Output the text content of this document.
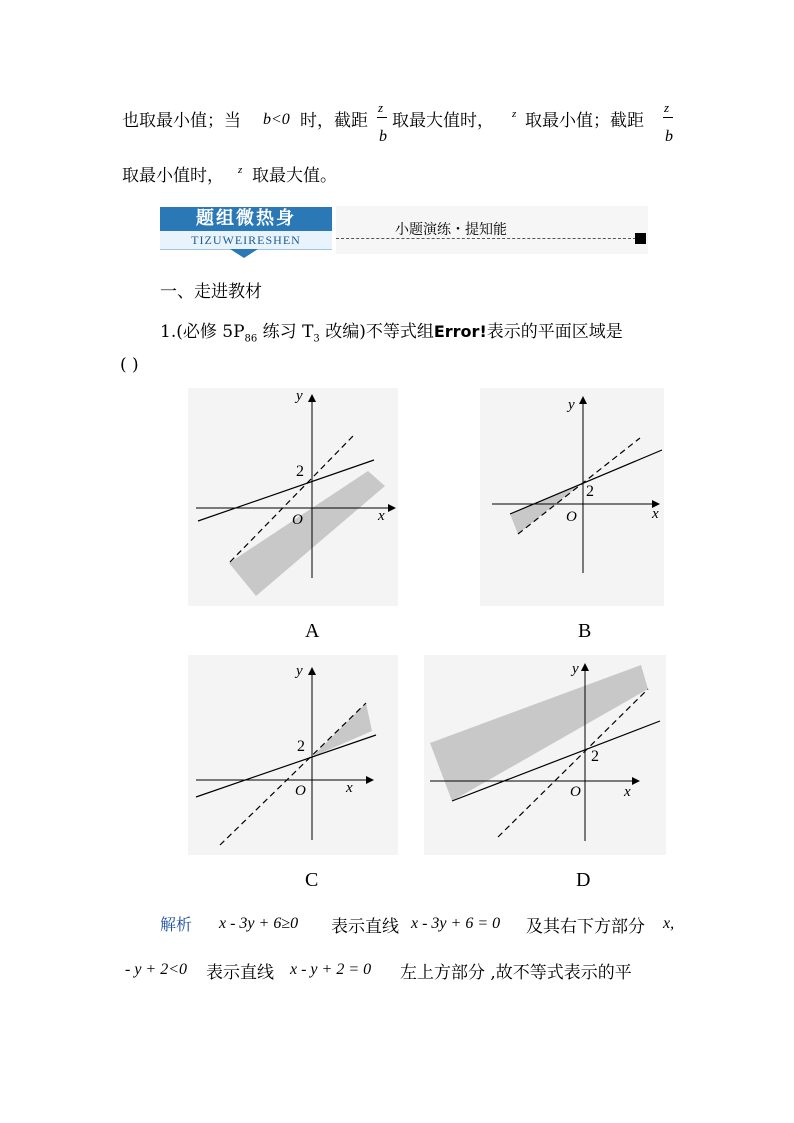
也取最小值；当 b<0 时，截距
z
b
取最大值时， z 取最小值；截距
z
b
取最小值时， z 取最大值。
题组微热身
TIZUWEIRESHEN
小题演练・提知能
一、走进教材
1.(必修 $5P_{86}$ 练习 $T_3$ 改编)不等式组Error!表示的平面区域是
( )
y
x
O
2
A
y
x
O
2
B
y
x
O
2
C
y
x
O
2
D
解析 x - 3y + 6≥0 表示直线 x - 3y + 6 = 0 及其右下方部分 x,
- y + 2<0 表示直线 x - y + 2 = 0 左上方部分 ,故不等式表示的平
